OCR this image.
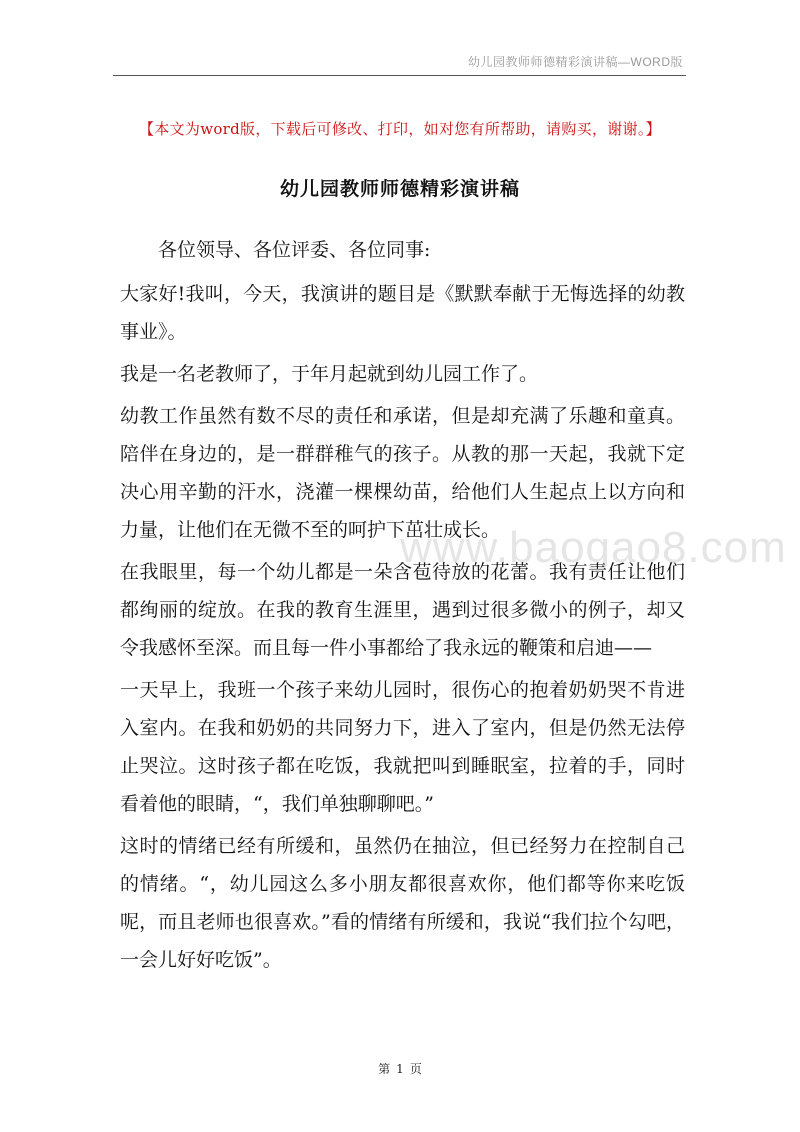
幼儿园教师师德精彩演讲稿—WORD版
【本文为word版，下载后可修改、打印，如对您有所帮助，请购买，谢谢。】
幼儿园教师师德精彩演讲稿

各位领导、各位评委、各位同事:

大家好!我叫，今天，我演讲的题目是《默默奉献于无悔选择的幼教事业》。

我是一名老教师了，于年月起就到幼儿园工作了。

幼教工作虽然有数不尽的责任和承诺，但是却充满了乐趣和童真。陪伴在身边的，是一群群稚气的孩子。从教的那一天起，我就下定决心用辛勤的汗水，浇灌一棵棵幼苗，给他们人生起点上以方向和力量，让他们在无微不至的呵护下茁壮成长。

在我眼里，每一个幼儿都是一朵含苞待放的花蕾。我有责任让他们都绚丽的绽放。在我的教育生涯里，遇到过很多微小的例子，却又令我感怀至深。而且每一件小事都给了我永远的鞭策和启迪——

一天早上，我班一个孩子来幼儿园时，很伤心的抱着奶奶哭不肯进入室内。在我和奶奶的共同努力下，进入了室内，但是仍然无法停止哭泣。这时孩子都在吃饭，我就把叫到睡眠室，拉着的手，同时看着他的眼睛，“，我们单独聊聊吧。”

这时的情绪已经有所缓和，虽然仍在抽泣，但已经努力在控制自己的情绪。“，幼儿园这么多小朋友都很喜欢你，他们都等你来吃饭呢，而且老师也很喜欢。”看的情绪有所缓和，我说“我们拉个勾吧，一会儿好好吃饭”。

www.baogao8.com
第 1 页
